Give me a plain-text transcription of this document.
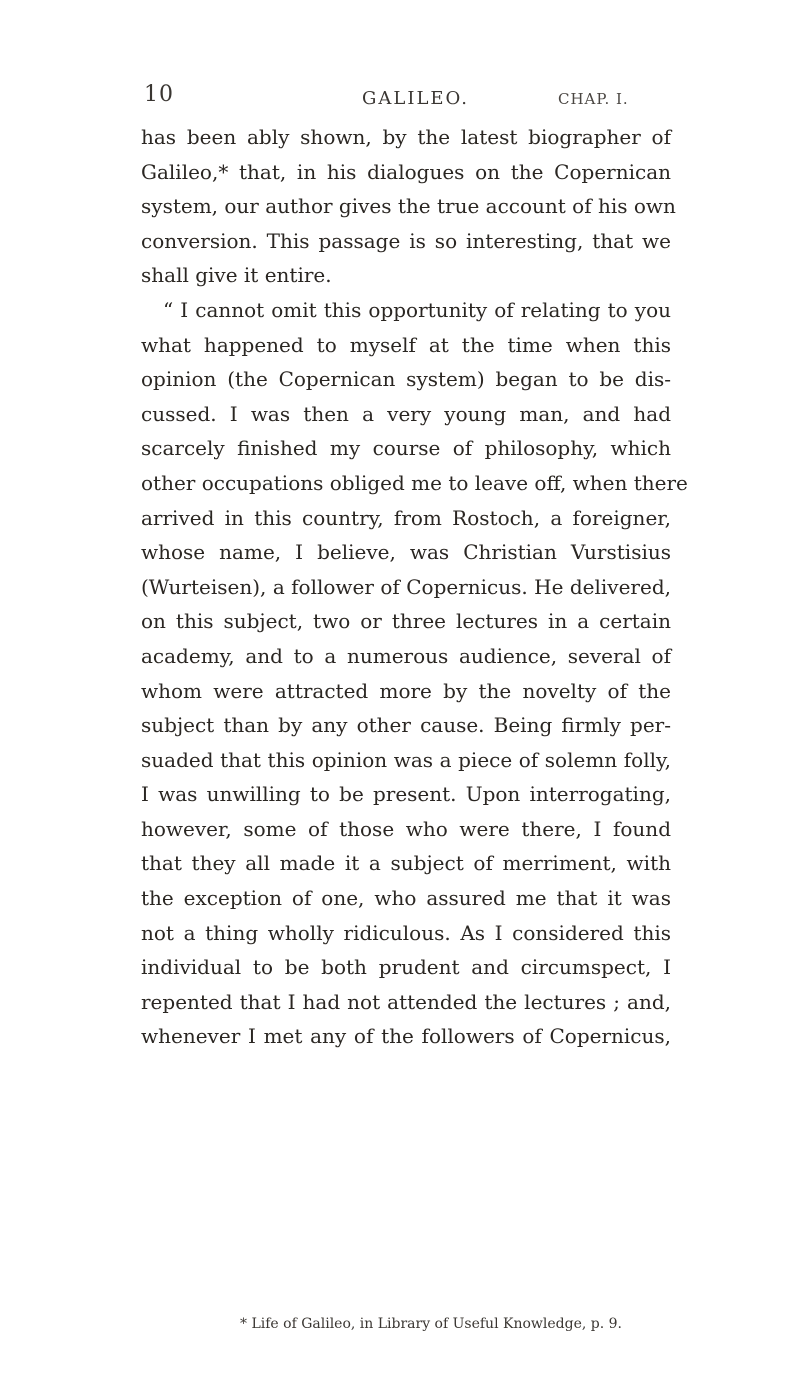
10	GALILEO.	CHAP. I.
has been ably shown, by the latest biographer of
Galileo,* that, in his dialogues on the Copernican
system, our author gives the true account of his own
conversion. This passage is so interesting, that we
shall give it entire.
“ I cannot omit this opportunity of relating to you
what happened to myself at the time when this
opinion (the Copernican system) began to be dis-
cussed. I was then a very young man, and had
scarcely finished my course of philosophy, which
other occupations obliged me to leave off, when there
arrived in this country, from Rostoch, a foreigner,
whose name, I believe, was Christian Vurstisius
(Wurteisen), a follower of Copernicus. He delivered,
on this subject, two or three lectures in a certain
academy, and to a numerous audience, several of
whom were attracted more by the novelty of the
subject than by any other cause. Being firmly per-
suaded that this opinion was a piece of solemn folly,
I was unwilling to be present. Upon interrogating,
however, some of those who were there, I found
that they all made it a subject of merriment, with
the exception of one, who assured me that it was
not a thing wholly ridiculous. As I considered this
individual to be both prudent and circumspect, I
repented that I had not attended the lectures ; and,
whenever I met any of the followers of Copernicus,
* Life of Galileo, in Library of Useful Knowledge, p. 9.
